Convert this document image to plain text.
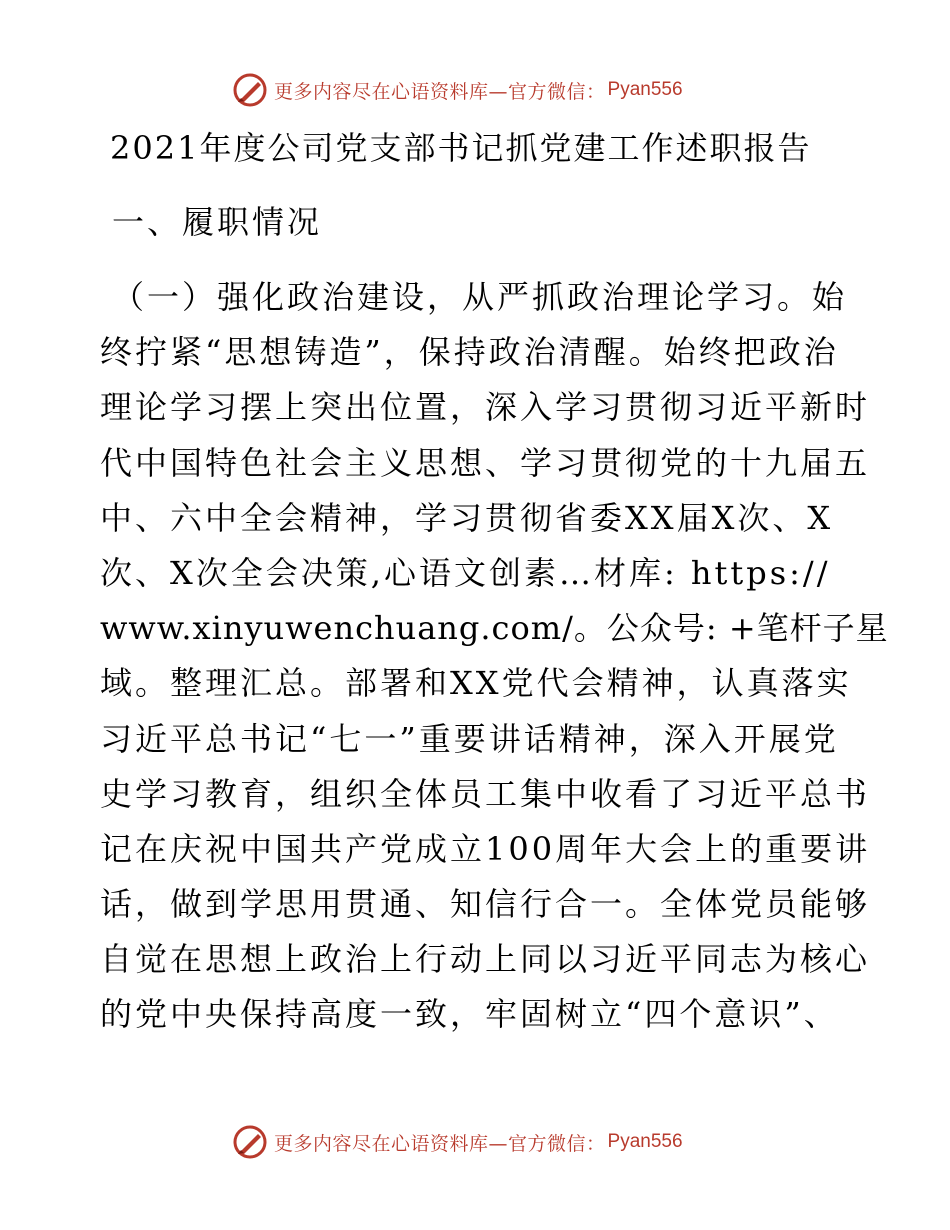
更多内容尽在心语资料库—官方微信： Pyan556
2021年度公司党支部书记抓党建工作述职报告
一、履职情况
（一）强化政治建设，从严抓政治理论学习。始
终拧紧“思想铸造”，保持政治清醒。始终把政治
理论学习摆上突出位置，深入学习贯彻习近平新时
代中国特色社会主义思想、学习贯彻党的十九届五
中、六中全会精神，学习贯彻省委XX届X次、X
次、X次全会决策,心语文创素…材库: https://
www.xinyuwenchuang.com/。公众号: +笔杆子星
域。整理汇总。部署和XX党代会精神，认真落实
习近平总书记“七一”重要讲话精神，深入开展党
史学习教育，组织全体员工集中收看了习近平总书
记在庆祝中国共产党成立100周年大会上的重要讲
话，做到学思用贯通、知信行合一。全体党员能够
自觉在思想上政治上行动上同以习近平同志为核心
的党中央保持高度一致，牢固树立“四个意识”、
更多内容尽在心语资料库—官方微信： Pyan556
